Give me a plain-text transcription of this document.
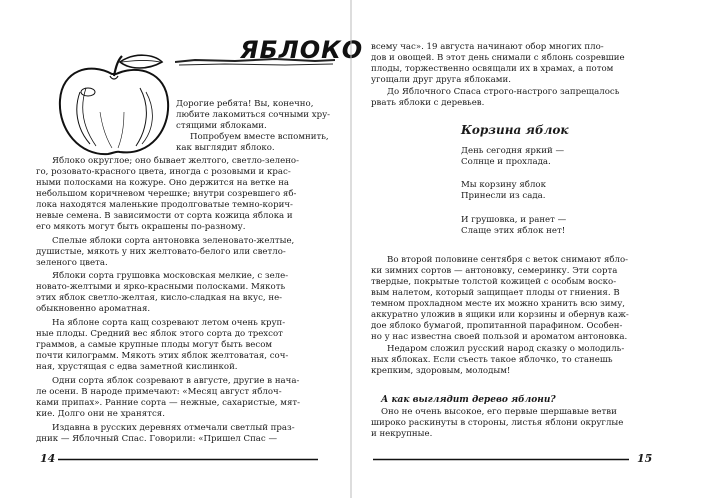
ЯБЛОКО

Дорогие ребята! Вы, конечно,

любите лакомиться сочными хру-

стящими яблоками.

Попробуем вместе вспомнить,

как выглядит яблоко.

Яблоко округлое; оно бывает желтого, светло-зелено-

го, розовато-красного цвета, иногда с розовыми и крас-

ными полосками на кожуре. Оно держится на ветке на

небольшом коричневом черешке; внутри созревшего яб-

лока находятся маленькие продолговатые темно-корич-

невые семена. В зависимости от сорта кожица яблока и

его мякоть могут быть окрашены по-разному.

Спелые яблоки сорта антоновка зеленовато-желтые,

душистые, мякоть у них желтовато-белого или светло-

зеленого цвета.

Яблоки сорта грушовка московская мелкие, с зеле-

новато-желтыми и ярко-красными полосками. Мякоть

этих яблок светло-желтая, кисло-сладкая на вкус, не-

обыкновенно ароматная.

На яблоне сорта кащ созревают летом очень круп-

ные плоды. Средний вес яблок этого сорта до трехсот

граммов, а самые крупные плоды могут быть весом

почти килограмм. Мякоть этих яблок желтоватая, соч-

ная, хрустящая с едва заметной кислинкой.

Одни сорта яблок созревают в августе, другие в нача-

ле осени. В народе примечают: «Месяц август яблоч-

ками припах». Ранние сорта — нежные, сахаристые, мят-

кие. Долго они не хранятся.

Издавна в русских деревнях отмечали светлый праз-

дник — Яблочный Спас. Говорили: «Пришел Спас —

14

всему час». 19 августа начинают обор многих пло-

дов и овощей. В этот день снимали с яблонь созревшие

плоды, торжественно освящали их в храмах, а потом

угощали друг друга яблоками.

До Яблочного Спаса строго-настрого запрещалось

рвать яблоки с деревьев.

Корзина яблок

День сегодня яркий —

Солнце и прохлада.

Мы корзину яблок

Принесли из сада.

И грушовка, и ранет —

Слаще этих яблок нет!

Во второй половине сентября с веток снимают ябло-

ки зимних сортов — антоновку, семеринку. Эти сорта

твердые, покрытые толстой кожицей с особым воско-

вым налетом, который защищает плоды от гниения. В

темном прохладном месте их можно хранить всю зиму,

аккуратно уложив в ящики или корзины и обернув каж-

дое яблоко бумагой, пропитанной парафином. Особен-

но у нас известна своей пользой и ароматом антоновка.

Недаром сложил русский народ сказку о молодиль-

ных яблоках. Если съесть такое яблочко, то станешь

крепким, здоровым, молодым!

А как выглядит дерево яблони?

Оно не очень высокое, его первые шершавые ветви

широко раскинуты в стороны, листья яблони округлые

и некрупные.

15
